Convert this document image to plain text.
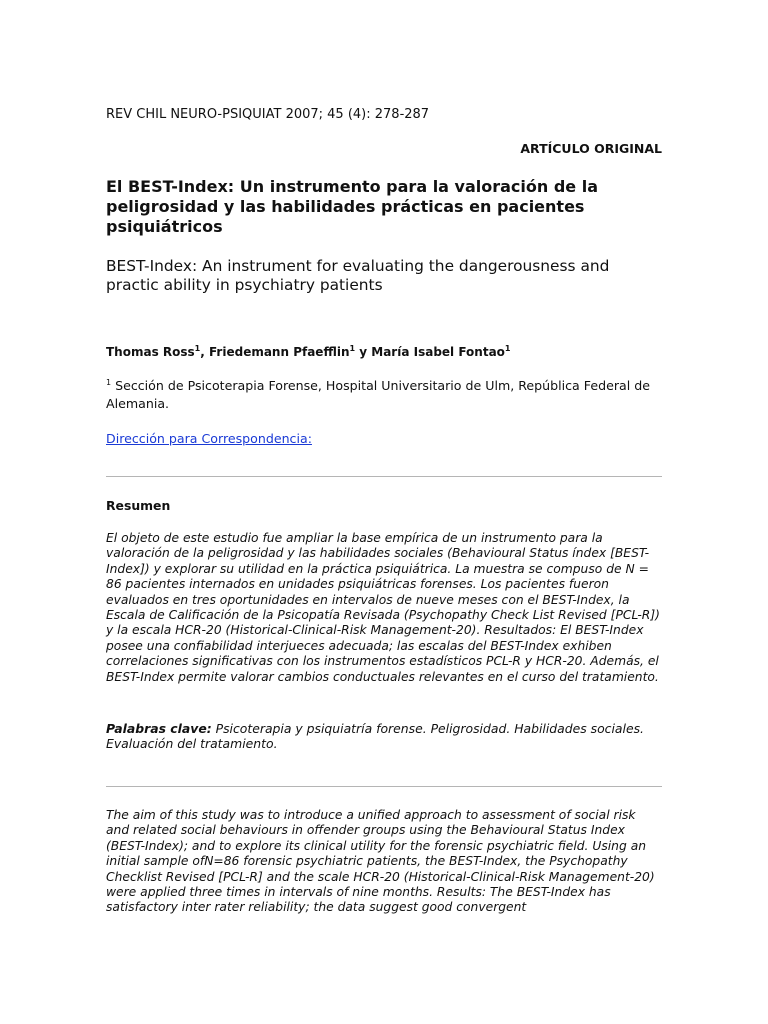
REV CHIL NEURO-PSIQUIAT 2007; 45 (4): 278-287
ARTÍCULO ORIGINAL
El BEST-Index: Un instrumento para la valoración de la peligrosidad y las habilidades prácticas en pacientes psiquiátricos
BEST-Index: An instrument for evaluating the dangerousness and practic ability in psychiatry patients
Thomas Ross$^1$, Friedemann Pfaefflin$^1$ y María Isabel Fontao$^1$
$^1$ Sección de Psicoterapia Forense, Hospital Universitario de Ulm, República Federal de Alemania.
Dirección para Correspondencia:
Resumen
El objeto de este estudio fue ampliar la base empírica de un instrumento para la valoración de la peligrosidad y las habilidades sociales (Behavioural Status índex [BEST-Index]) y explorar su utilidad en la práctica psiquiátrica. La muestra se compuso de N = 86 pacientes internados en unidades psiquiátricas forenses. Los pacientes fueron evaluados en tres oportunidades en intervalos de nueve meses con el BEST-Index, la Escala de Calificación de la Psicopatía Revisada (Psychopathy Check List Revised [PCL-R]) y la escala HCR-20 (Historical-Clinical-Risk Management-20). Resultados: El BEST-Index posee una confiabilidad interjueces adecuada; las escalas del BEST-Index exhiben correlaciones significativas con los instrumentos estadísticos PCL-R y HCR-20. Además, el BEST-Index permite valorar cambios conductuales relevantes en el curso del tratamiento.
Palabras clave: Psicoterapia y psiquiatría forense. Peligrosidad. Habilidades sociales. Evaluación del tratamiento.
The aim of this study was to introduce a unified approach to assessment of social risk and related social behaviours in offender groups using the Behavioural Status Index (BEST-Index); and to explore its clinical utility for the forensic psychiatric field. Using an initial sample ofN=86 forensic psychiatric patients, the BEST-Index, the Psychopathy Checklist Revised [PCL-R] and the scale HCR-20 (Historical-Clinical-Risk Management-20) were applied three times in intervals of nine months. Results: The BEST-Index has satisfactory inter rater reliability; the data suggest good convergent
